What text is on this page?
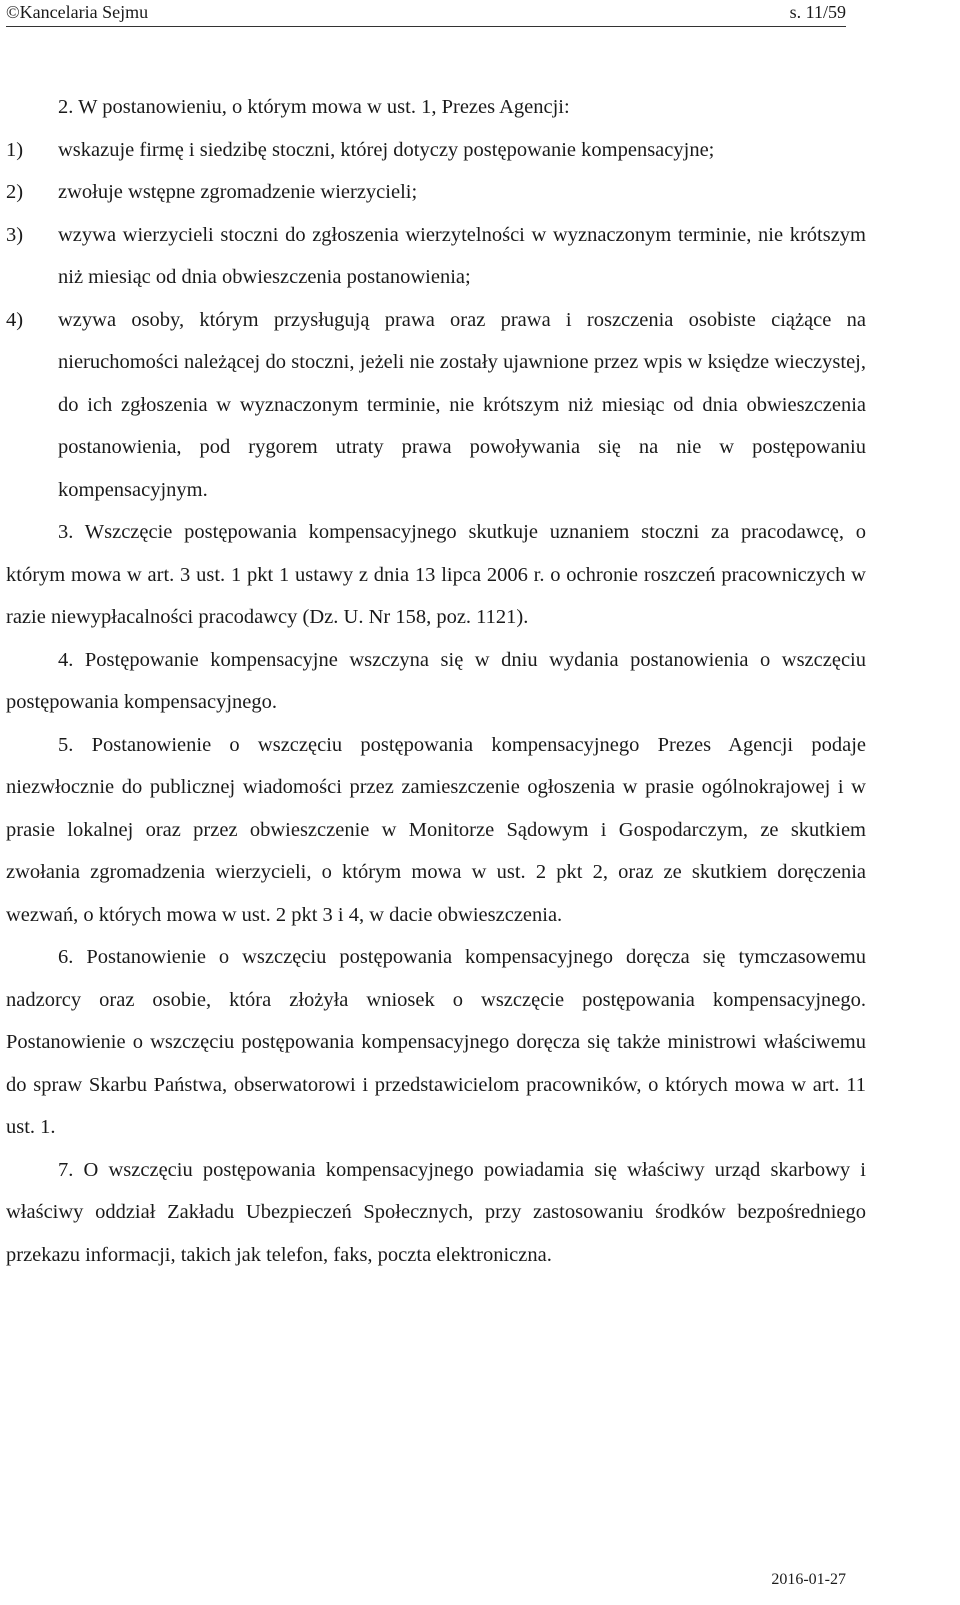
©Kancelaria Sejmu	s. 11/59

2. W postanowieniu, o którym mowa w ust. 1, Prezes Agencji:

1)	wskazuje firmę i siedzibę stoczni, której dotyczy postępowanie kompensacyjne;
2)	zwołuje wstępne zgromadzenie wierzycieli;
3)	wzywa wierzycieli stoczni do zgłoszenia wierzytelności w wyznaczonym terminie, nie krótszym niż miesiąc od dnia obwieszczenia postanowienia;
4)	wzywa osoby, którym przysługują prawa oraz prawa i roszczenia osobiste ciążące na nieruchomości należącej do stoczni, jeżeli nie zostały ujawnione przez wpis w księdze wieczystej, do ich zgłoszenia w wyznaczonym terminie, nie krótszym niż miesiąc od dnia obwieszczenia postanowienia, pod rygorem utraty prawa powoływania się na nie w postępowaniu kompensacyjnym.

3. Wszczęcie postępowania kompensacyjnego skutkuje uznaniem stoczni za pracodawcę, o którym mowa w art. 3 ust. 1 pkt 1 ustawy z dnia 13 lipca 2006 r. o ochronie roszczeń pracowniczych w razie niewypłacalności pracodawcy (Dz. U. Nr 158, poz. 1121).

4. Postępowanie kompensacyjne wszczyna się w dniu wydania postanowienia o wszczęciu postępowania kompensacyjnego.

5. Postanowienie o wszczęciu postępowania kompensacyjnego Prezes Agencji podaje niezwłocznie do publicznej wiadomości przez zamieszczenie ogłoszenia w prasie ogólnokrajowej i w prasie lokalnej oraz przez obwieszczenie w Monitorze Sądowym i Gospodarczym, ze skutkiem zwołania zgromadzenia wierzycieli, o którym mowa w ust. 2 pkt 2, oraz ze skutkiem doręczenia wezwań, o których mowa w ust. 2 pkt 3 i 4, w dacie obwieszczenia.

6. Postanowienie o wszczęciu postępowania kompensacyjnego doręcza się tymczasowemu nadzorcy oraz osobie, która złożyła wniosek o wszczęcie postępowania kompensacyjnego. Postanowienie o wszczęciu postępowania kompensacyjnego doręcza się także ministrowi właściwemu do spraw Skarbu Państwa, obserwatorowi i przedstawicielom pracowników, o których mowa w art. 11 ust. 1.

7. O wszczęciu postępowania kompensacyjnego powiadamia się właściwy urząd skarbowy i właściwy oddział Zakładu Ubezpieczeń Społecznych, przy zastosowaniu środków bezpośredniego przekazu informacji, takich jak telefon, faks, poczta elektroniczna.

2016-01-27
